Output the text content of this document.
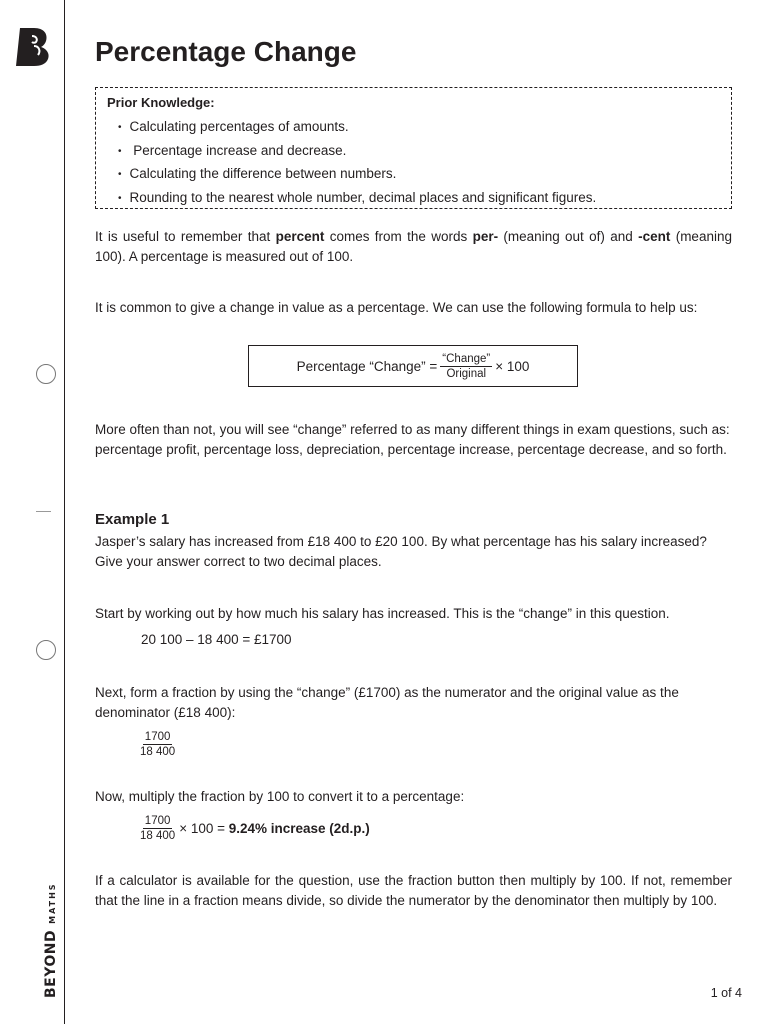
BEYONDMATHS
Percentage Change
Prior Knowledge:
• Calculating percentages of amounts.
•  Percentage increase and decrease.
• Calculating the difference between numbers.
• Rounding to the nearest whole number, decimal places and significant figures.

It is useful to remember that percent comes from the words per- (meaning out of) and -cent (meaning 100). A percentage is measured out of 100.

It is common to give a change in value as a percentage. We can use the following formula to help us:

Percentage “Change” = $\frac{\text{“Change”}}{\text{Original}} \times 100$

More often than not, you will see “change” referred to as many different things in exam questions, such as: percentage profit, percentage loss, depreciation, percentage increase, percentage decrease, and so forth.

Example 1

Jasper’s salary has increased from £18 400 to £20 100. By what percentage has his salary increased? Give your answer correct to two decimal places.

Start by working out by how much his salary has increased. This is the “change” in this question.

20 100 – 18 400 = £1700

Next, form a fraction by using the “change” (£1700) as the numerator and the original value as the denominator (£18 400):

$\frac{1700}{18 400}$

Now, multiply the fraction by 100 to convert it to a percentage:

$\frac{1700}{18 400} \times 100 = 9.24\%$ increase (2d.p.)

If a calculator is available for the question, use the fraction button then multiply by 100. If not, remember that the line in a fraction means divide, so divide the numerator by the denominator then multiply by 100.

1 of 4
